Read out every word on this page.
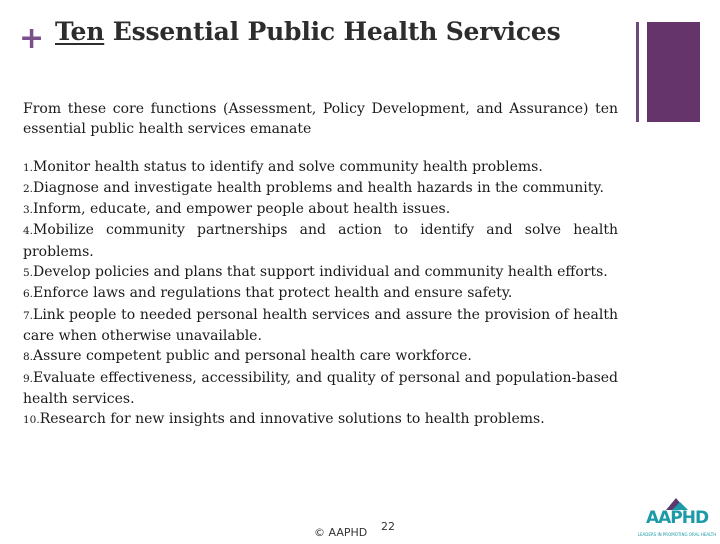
+ Ten Essential Public Health Services

From these core functions (Assessment, Policy Development, and Assurance) ten essential public health services emanate

1.Monitor health status to identify and solve community health problems.
2.Diagnose and investigate health problems and health hazards in the community.
3.Inform, educate, and empower people about health issues.
4.Mobilize community partnerships and action to identify and solve health problems.
5.Develop policies and plans that support individual and community health efforts.
6.Enforce laws and regulations that protect health and ensure safety.
7.Link people to needed personal health services and assure the provision of health care when otherwise unavailable.
8.Assure competent public and personal health care workforce.
9.Evaluate effectiveness, accessibility, and quality of personal and population-based health services.
10.Research for new insights and innovative solutions to health problems.
© AAPHD 22	AAPHD
LEADERS IN PROMOTING ORAL HEALTH
